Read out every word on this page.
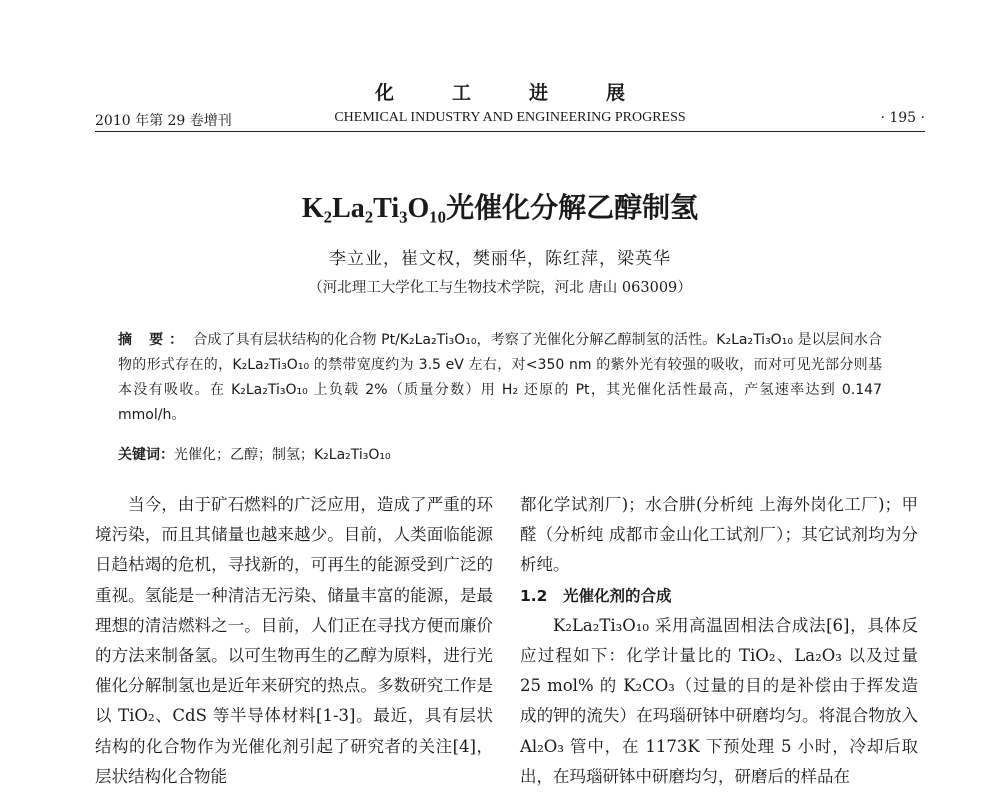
化工进展
2010 年第 29 卷增刊	CHEMICAL INDUSTRY AND ENGINEERING PROGRESS	· 195 ·
K₂La₂Ti₃O₁₀光催化分解乙醇制氢
李立业，崔文权，樊丽华，陈红萍，梁英华
（河北理工大学化工与生物技术学院，河北 唐山 063009）
摘 要： 合成了具有层状结构的化合物 Pt/K₂La₂Ti₃O₁₀，考察了光催化分解乙醇制氢的活性。K₂La₂Ti₃O₁₀ 是以层间水合物的形式存在的，K₂La₂Ti₃O₁₀ 的禁带宽度约为 3.5 eV 左右，对<350 nm 的紫外光有较强的吸收，而对可见光部分则基本没有吸收。在 K₂La₂Ti₃O₁₀ 上负载 2%（质量分数）用 H₂ 还原的 Pt，其光催化活性最高，产氢速率达到 0.147 mmol/h。
关键词：光催化；乙醇；制氢；K₂La₂Ti₃O₁₀

当今，由于矿石燃料的广泛应用，造成了严重的环境污染，而且其储量也越来越少。目前，人类面临能源日趋枯竭的危机，寻找新的，可再生的能源受到广泛的重视。氢能是一种清洁无污染、储量丰富的能源，是最理想的清洁燃料之一。目前，人们正在寻找方便而廉价的方法来制备氢。以可生物再生的乙醇为原料，进行光催化分解制氢也是近年来研究的热点。多数研究工作是以 TiO₂、CdS 等半导体材料[1-3]。最近，具有层状结构的化合物作为光催化剂引起了研究者的关注[4]，层状结构化合物能

都化学试剂厂)；水合肼(分析纯 上海外岗化工厂)；甲醛（分析纯 成都市金山化工试剂厂）；其它试剂均为分析纯。

1.2　光催化剂的合成

K₂La₂Ti₃O₁₀ 采用高温固相法合成法[6]，具体反应过程如下：化学计量比的 TiO₂、La₂O₃ 以及过量 25 mol% 的 K₂CO₃（过量的目的是补偿由于挥发造成的钾的流失）在玛瑙研钵中研磨均匀。将混合物放入 Al₂O₃ 管中，在 1173K 下预处理 5 小时，冷却后取出，在玛瑙研钵中研磨均匀，研磨后的样品在
